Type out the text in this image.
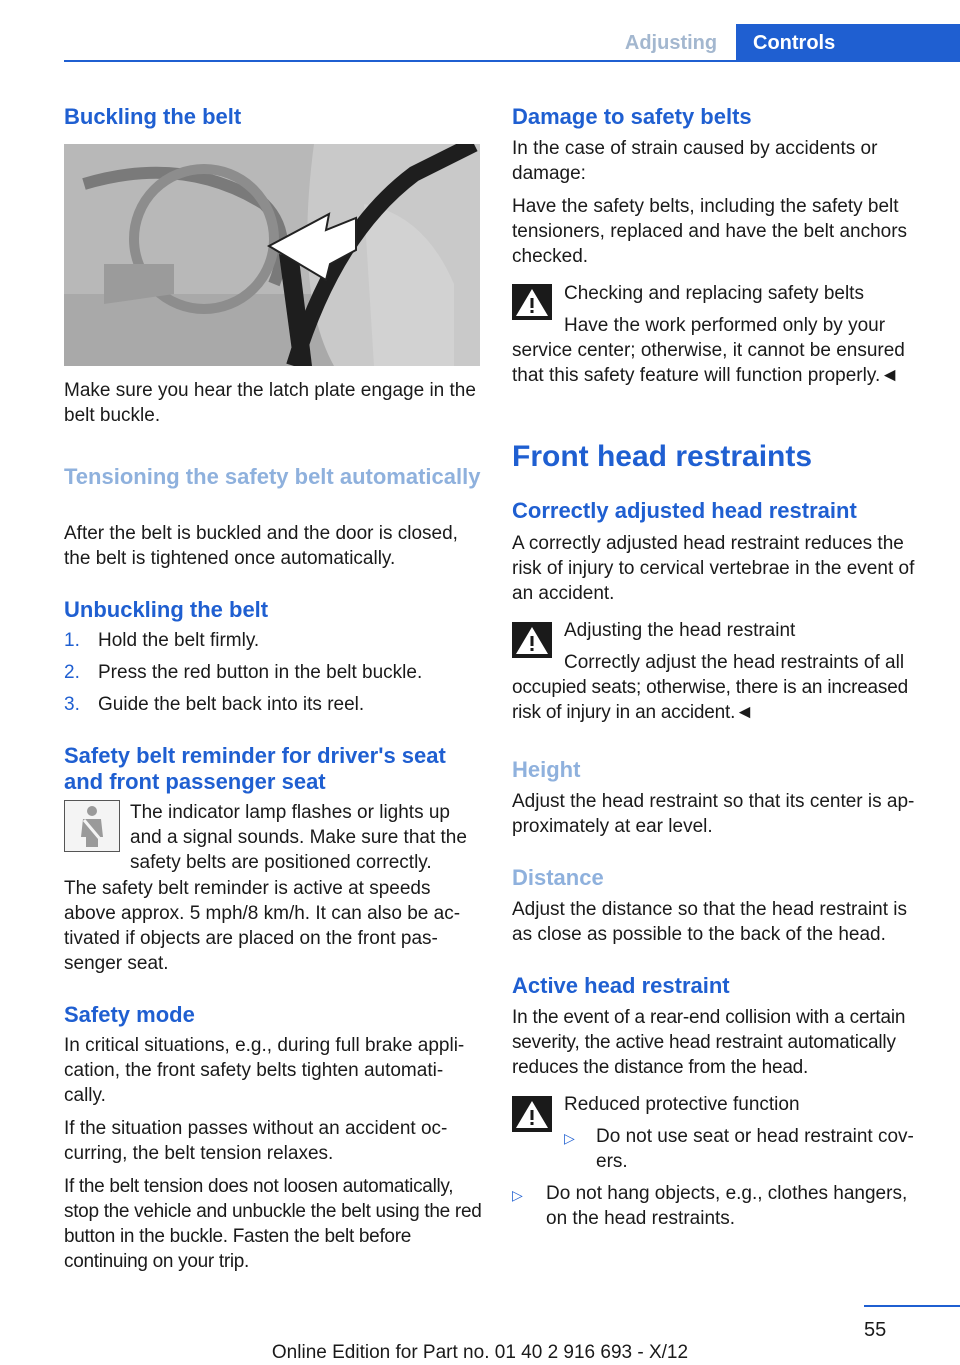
Adjusting	Controls
Buckling the belt

Make sure you hear the latch plate engage in the belt buckle.

Tensioning the safety belt automatically

After the belt is buckled and the door is closed, the belt is tightened once automatically.

Unbuckling the belt
1. Hold the belt firmly.
2. Press the red button in the belt buckle.
3. Guide the belt back into its reel.
Safety belt reminder for driver's seat and front passenger seat

The indicator lamp flashes or lights up and a signal sounds. Make sure that the safety belts are positioned correctly.

The safety belt reminder is active at speeds above approx. 5 mph/8 km/h. It can also be ac-tivated if objects are placed on the front pas-senger seat.

Safety mode

In critical situations, e.g., during full brake appli-cation, the front safety belts tighten automati-cally.

If the situation passes without an accident oc-curring, the belt tension relaxes.

If the belt tension does not loosen automatically, stop the vehicle and unbuckle the belt using the red button in the buckle. Fasten the belt before continuing on your trip.

Damage to safety belts

In the case of strain caused by accidents or damage:

Have the safety belts, including the safety belt tensioners, replaced and have the belt anchors checked.

Checking and replacing safety belts

Have the work performed only by your

service center; otherwise, it cannot be ensured that this safety feature will function properly.◄

Front head restraints
Correctly adjusted head restraint

A correctly adjusted head restraint reduces the risk of injury to cervical vertebrae in the event of an accident.

Adjusting the head restraint

Correctly adjust the head restraints of all

occupied seats; otherwise, there is an increased risk of injury in an accident.◄

Height

Adjust the head restraint so that its center is ap-proximately at ear level.

Distance

Adjust the distance so that the head restraint is as close as possible to the back of the head.

Active head restraint

In the event of a rear-end collision with a certain severity, the active head restraint automatically reduces the distance from the head.

Reduced protective function

▷ Do not use seat or head restraint cov-

ers.

▷ Do not hang objects, e.g., clothes hangers,

on the head restraints.

55
Online Edition for Part no. 01 40 2 916 693 - X/12
